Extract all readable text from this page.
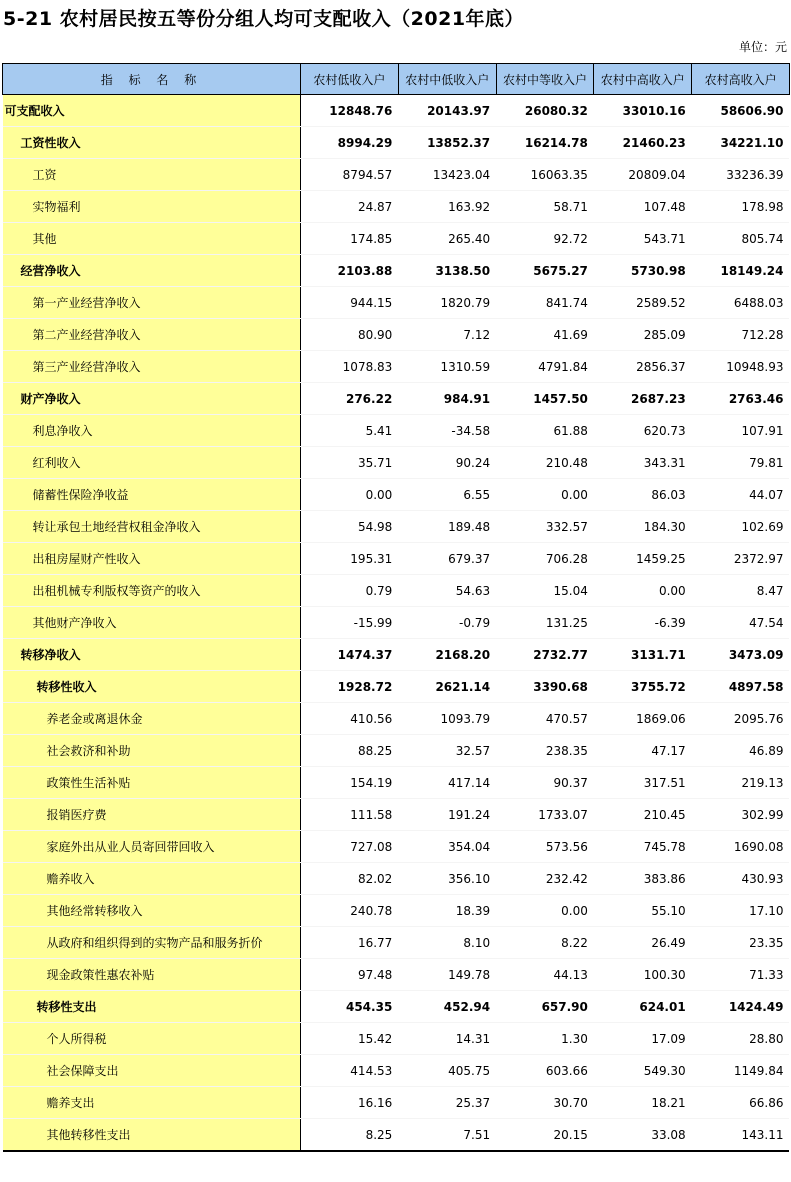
5-21 农村居民按五等份分组人均可支配收入（2021年底）
单位：元
指 标 名 称	农村低收入户	农村中低收入户	农村中等收入户	农村中高收入户	农村高收入户
可支配收入	12848.76	20143.97	26080.32	33010.16	58606.90
工资性收入	8994.29	13852.37	16214.78	21460.23	34221.10
工资	8794.57	13423.04	16063.35	20809.04	33236.39
实物福利	24.87	163.92	58.71	107.48	178.98
其他	174.85	265.40	92.72	543.71	805.74
经营净收入	2103.88	3138.50	5675.27	5730.98	18149.24
第一产业经营净收入	944.15	1820.79	841.74	2589.52	6488.03
第二产业经营净收入	80.90	7.12	41.69	285.09	712.28
第三产业经营净收入	1078.83	1310.59	4791.84	2856.37	10948.93
财产净收入	276.22	984.91	1457.50	2687.23	2763.46
利息净收入	5.41	-34.58	61.88	620.73	107.91
红利收入	35.71	90.24	210.48	343.31	79.81
储蓄性保险净收益	0.00	6.55	0.00	86.03	44.07
转让承包土地经营权租金净收入	54.98	189.48	332.57	184.30	102.69
出租房屋财产性收入	195.31	679.37	706.28	1459.25	2372.97
出租机械专利版权等资产的收入	0.79	54.63	15.04	0.00	8.47
其他财产净收入	-15.99	-0.79	131.25	-6.39	47.54
转移净收入	1474.37	2168.20	2732.77	3131.71	3473.09
转移性收入	1928.72	2621.14	3390.68	3755.72	4897.58
养老金或离退休金	410.56	1093.79	470.57	1869.06	2095.76
社会救济和补助	88.25	32.57	238.35	47.17	46.89
政策性生活补贴	154.19	417.14	90.37	317.51	219.13
报销医疗费	111.58	191.24	1733.07	210.45	302.99
家庭外出从业人员寄回带回收入	727.08	354.04	573.56	745.78	1690.08
赡养收入	82.02	356.10	232.42	383.86	430.93
其他经常转移收入	240.78	18.39	0.00	55.10	17.10
从政府和组织得到的实物产品和服务折价	16.77	8.10	8.22	26.49	23.35
现金政策性惠农补贴	97.48	149.78	44.13	100.30	71.33
转移性支出	454.35	452.94	657.90	624.01	1424.49
个人所得税	15.42	14.31	1.30	17.09	28.80
社会保障支出	414.53	405.75	603.66	549.30	1149.84
赡养支出	16.16	25.37	30.70	18.21	66.86
其他转移性支出	8.25	7.51	20.15	33.08	143.11
